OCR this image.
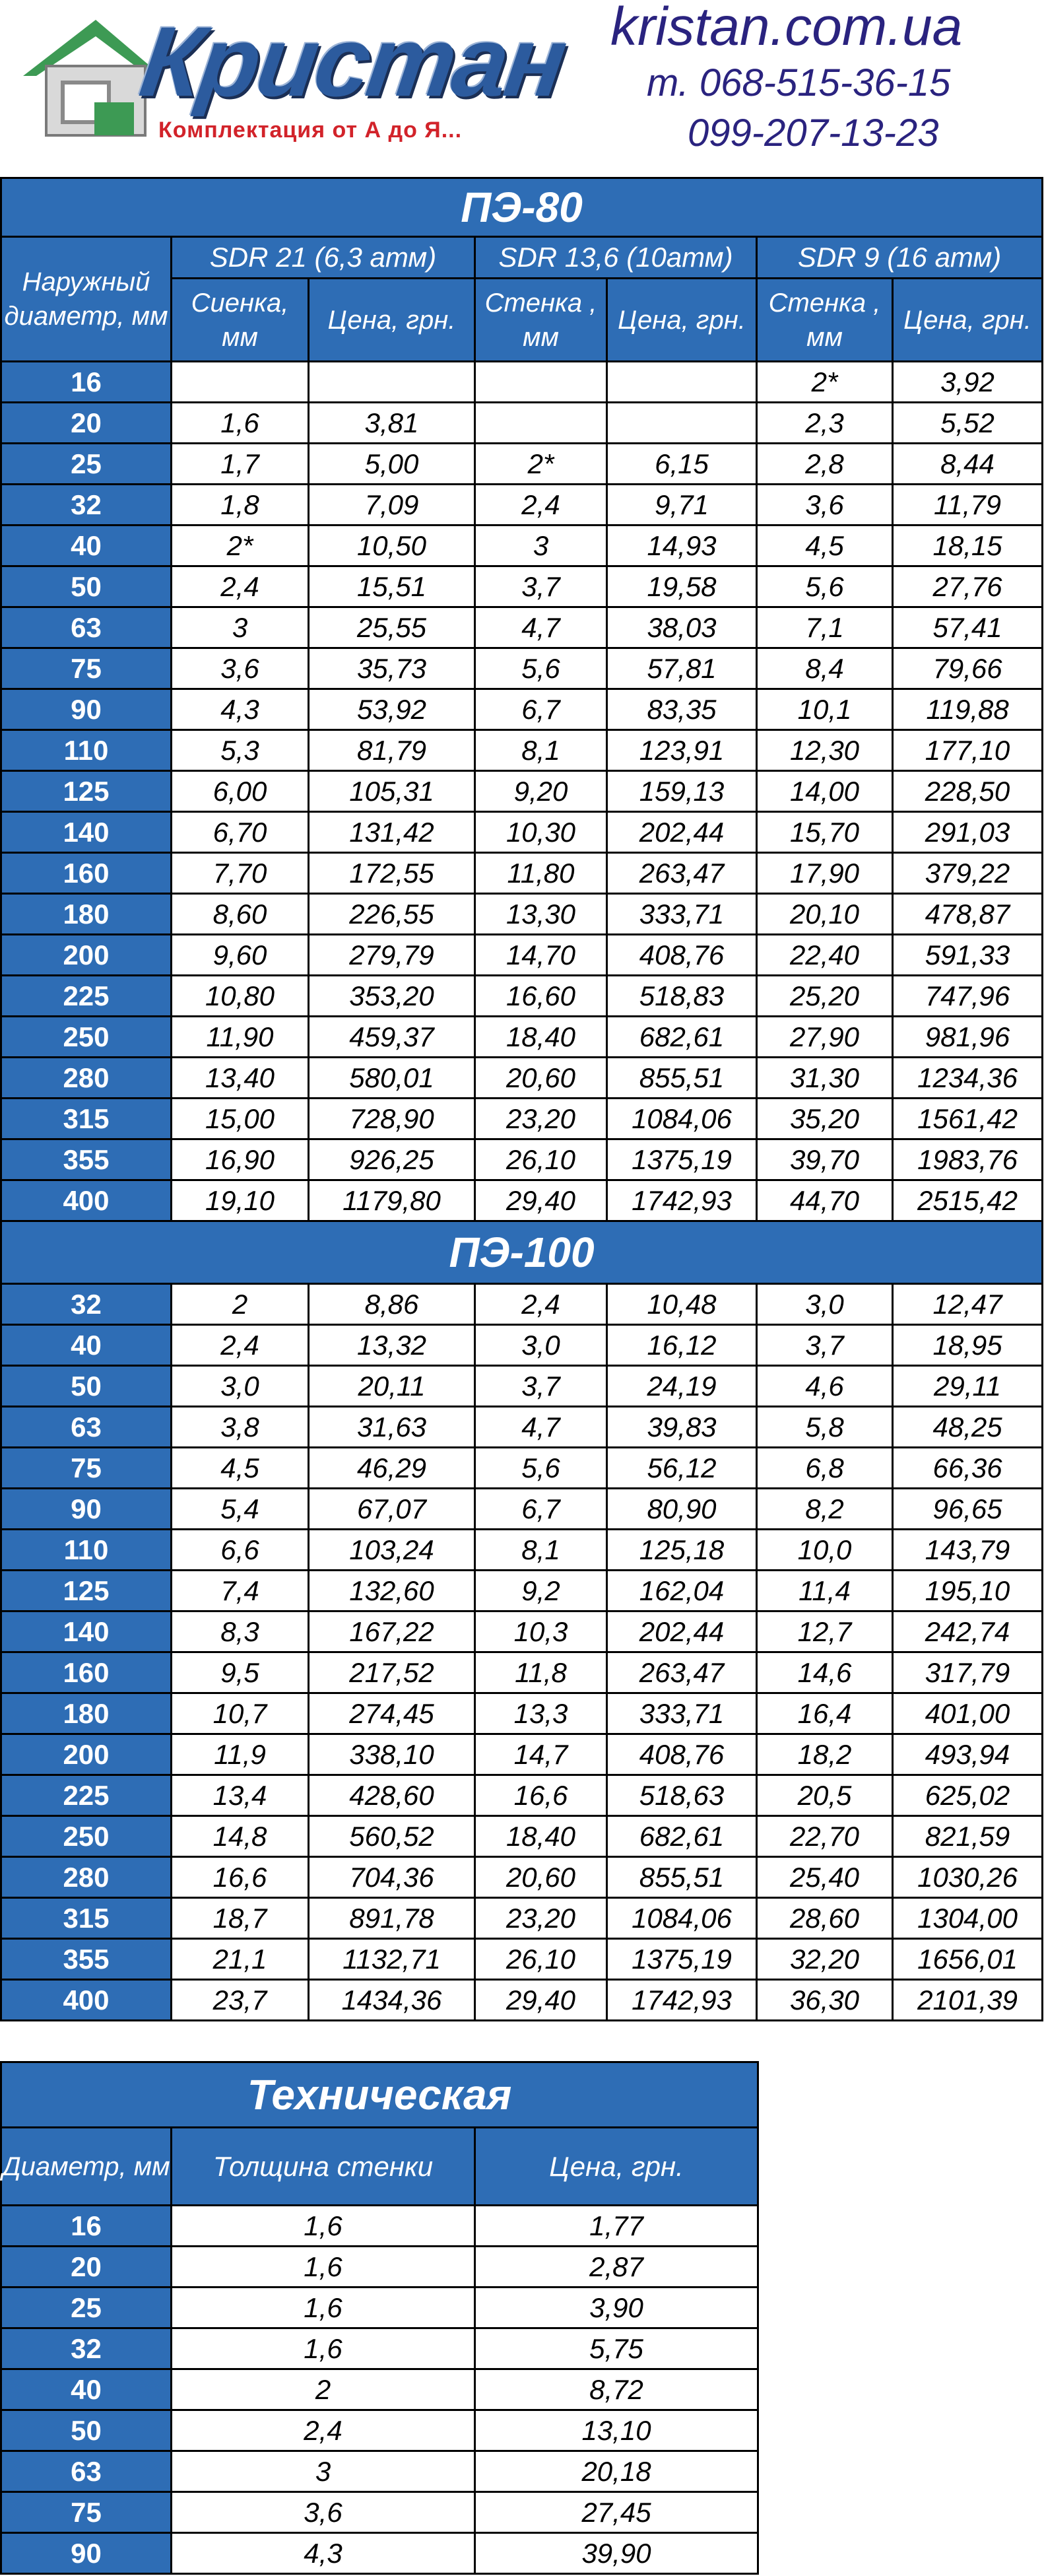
Кристан
Комплектация от А до Я...
kristan.com.ua
т. 068-515-36-15
099-207-13-23
ПЭ-80						
Наружный диаметр, мм	SDR 21 (6,3 атм)		SDR 13,6 (10атм)		SDR 9 (16 атм)	
	Сиенка, мм	Цена, грн.	Стенка , мм	Цена, грн.	Стенка , мм	Цена, грн.
16					2*	3,92
20	1,6	3,81			2,3	5,52
25	1,7	5,00	2*	6,15	2,8	8,44
32	1,8	7,09	2,4	9,71	3,6	11,79
40	2*	10,50	3	14,93	4,5	18,15
50	2,4	15,51	3,7	19,58	5,6	27,76
63	3	25,55	4,7	38,03	7,1	57,41
75	3,6	35,73	5,6	57,81	8,4	79,66
90	4,3	53,92	6,7	83,35	10,1	119,88
110	5,3	81,79	8,1	123,91	12,30	177,10
125	6,00	105,31	9,20	159,13	14,00	228,50
140	6,70	131,42	10,30	202,44	15,70	291,03
160	7,70	172,55	11,80	263,47	17,90	379,22
180	8,60	226,55	13,30	333,71	20,10	478,87
200	9,60	279,79	14,70	408,76	22,40	591,33
225	10,80	353,20	16,60	518,83	25,20	747,96
250	11,90	459,37	18,40	682,61	27,90	981,96
280	13,40	580,01	20,60	855,51	31,30	1234,36
315	15,00	728,90	23,20	1084,06	35,20	1561,42
355	16,90	926,25	26,10	1375,19	39,70	1983,76
400	19,10	1179,80	29,40	1742,93	44,70	2515,42
ПЭ-100						
32	2	8,86	2,4	10,48	3,0	12,47
40	2,4	13,32	3,0	16,12	3,7	18,95
50	3,0	20,11	3,7	24,19	4,6	29,11
63	3,8	31,63	4,7	39,83	5,8	48,25
75	4,5	46,29	5,6	56,12	6,8	66,36
90	5,4	67,07	6,7	80,90	8,2	96,65
110	6,6	103,24	8,1	125,18	10,0	143,79
125	7,4	132,60	9,2	162,04	11,4	195,10
140	8,3	167,22	10,3	202,44	12,7	242,74
160	9,5	217,52	11,8	263,47	14,6	317,79
180	10,7	274,45	13,3	333,71	16,4	401,00
200	11,9	338,10	14,7	408,76	18,2	493,94
225	13,4	428,60	16,6	518,63	20,5	625,02
250	14,8	560,52	18,40	682,61	22,70	821,59
280	16,6	704,36	20,60	855,51	25,40	1030,26
315	18,7	891,78	23,20	1084,06	28,60	1304,00
355	21,1	1132,71	26,10	1375,19	32,20	1656,01
400	23,7	1434,36	29,40	1742,93	36,30	2101,39
Техническая		
Диаметр, мм	Толщина стенки	Цена, грн.
16	1,6	1,77
20	1,6	2,87
25	1,6	3,90
32	1,6	5,75
40	2	8,72
50	2,4	13,10
63	3	20,18
75	3,6	27,45
90	4,3	39,90
